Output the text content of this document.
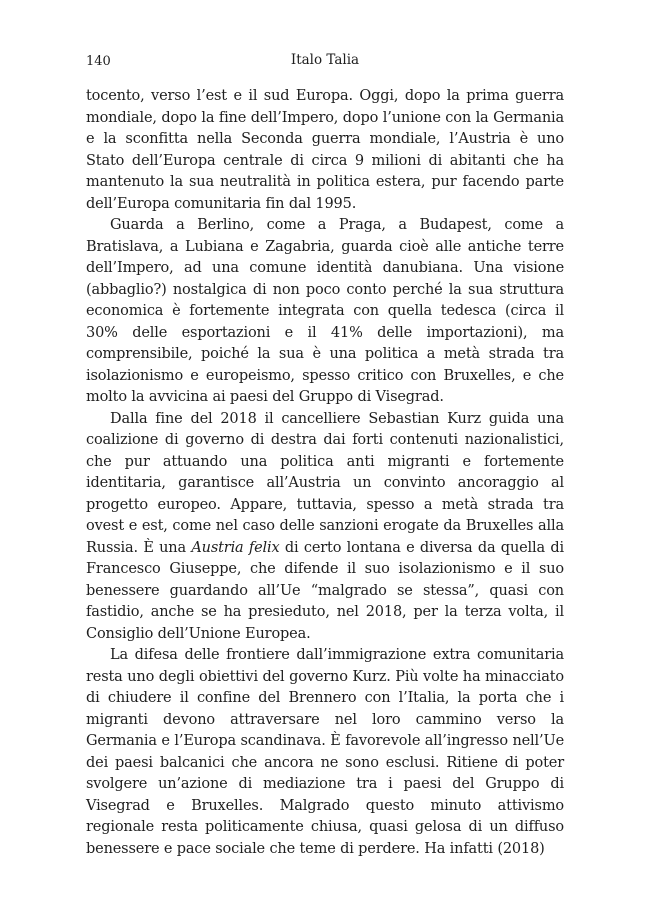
140	Italo Talia

tocento, verso l’est e il sud Europa. Oggi, dopo la prima guerra mondiale, dopo la fine dell’Impero, dopo l’unione con la Germania e la sconfitta nella Seconda guerra mondiale, l’Austria è uno Stato dell’Europa centrale di circa 9 milioni di abitanti che ha mantenuto la sua neutralità in politica estera, pur facendo parte dell’Europa comunitaria fin dal 1995.

Guarda a Berlino, come a Praga, a Budapest, come a Bratislava, a Lubiana e Zagabria, guarda cioè alle antiche terre dell’Impero, ad una comune identità danubiana. Una visione (abbaglio?) nostalgica di non poco conto perché la sua struttura economica è fortemente integrata con quella tedesca (circa il 30% delle esportazioni e il 41% delle importazioni), ma comprensibile, poiché la sua è una politica a metà strada tra isolazionismo e europeismo, spesso critico con Bruxelles, e che molto la avvicina ai paesi del Gruppo di Visegrad.

Dalla fine del 2018 il cancelliere Sebastian Kurz guida una coalizione di governo di destra dai forti contenuti nazionalistici, che pur attuando una politica anti migranti e fortemente identitaria, garantisce all’Austria un convinto ancoraggio al progetto europeo. Appare, tuttavia, spesso a metà strada tra ovest e est, come nel caso delle sanzioni erogate da Bruxelles alla Russia. È una Austria felix di certo lontana e diversa da quella di Francesco Giuseppe, che difende il suo isolazionismo e il suo benessere guardando all’Ue “malgrado se stessa”, quasi con fastidio, anche se ha presieduto, nel 2018, per la terza volta, il Consiglio dell’Unione Europea.

La difesa delle frontiere dall’immigrazione extra comunitaria resta uno degli obiettivi del governo Kurz. Più volte ha minacciato di chiudere il confine del Brennero con l’Italia, la porta che i migranti devono attraversare nel loro cammino verso la Germania e l’Europa scandinava. È favorevole all’ingresso nell’Ue dei paesi balcanici che ancora ne sono esclusi. Ritiene di poter svolgere un’azione di mediazione tra i paesi del Gruppo di Visegrad e Bruxelles. Malgrado questo minuto attivismo regionale resta politicamente chiusa, quasi gelosa di un diffuso benessere e pace sociale che teme di perdere. Ha infatti (2018)
